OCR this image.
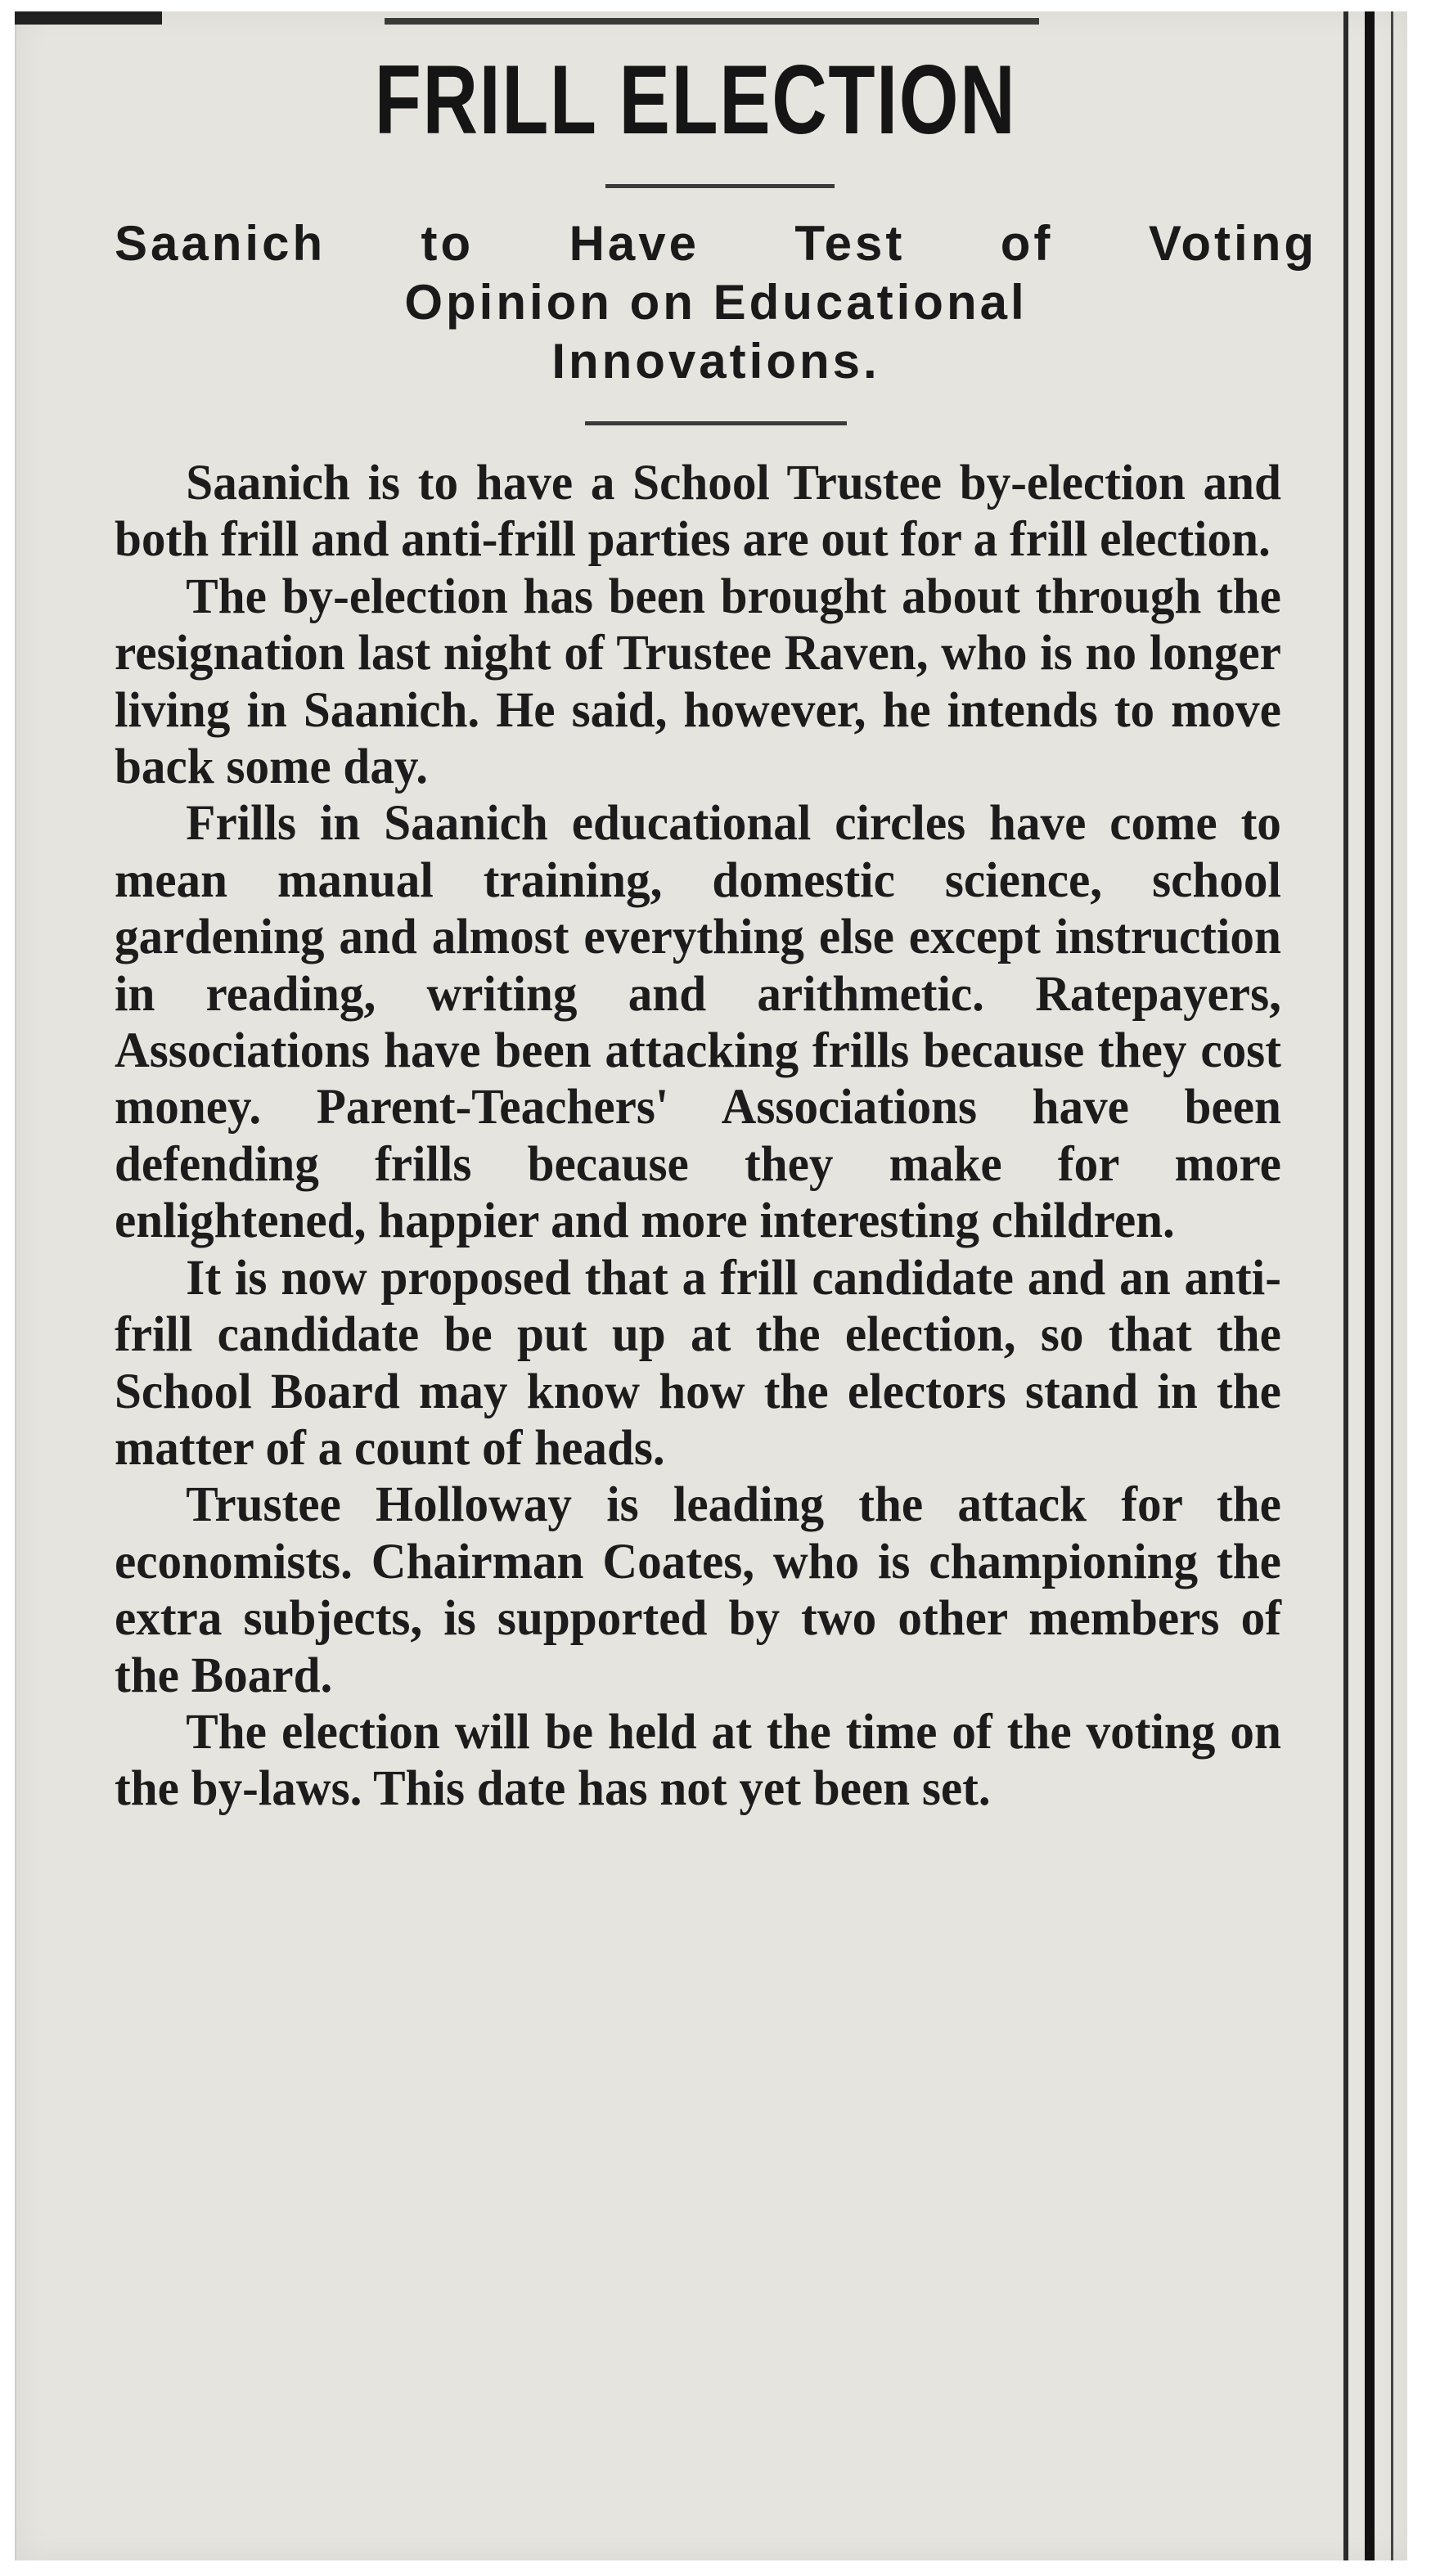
FRILL ELECTION
Saanich to Have Test of Voting
Opinion on Educational
Innovations.

Saanich is to have a School Trustee by-election and both frill and anti-frill parties are out for a frill election.

The by-election has been brought about through the resignation last night of Trustee Raven, who is no longer living in Saanich. He said, however, he intends to move back some day.

Frills in Saanich educational circles have come to mean manual training, domestic science, school gardening and almost everything else except instruction in reading, writing and arithmetic. Ratepayers, Associations have been attacking frills because they cost money. Parent-Teachers' Associations have been defending frills because they make for more enlightened, happier and more interesting children.

It is now proposed that a frill candidate and an anti-frill candidate be put up at the election, so that the School Board may know how the electors stand in the matter of a count of heads.

Trustee Holloway is leading the attack for the economists. Chairman Coates, who is championing the extra subjects, is supported by two other members of the Board.

The election will be held at the time of the voting on the by-laws. This date has not yet been set.
